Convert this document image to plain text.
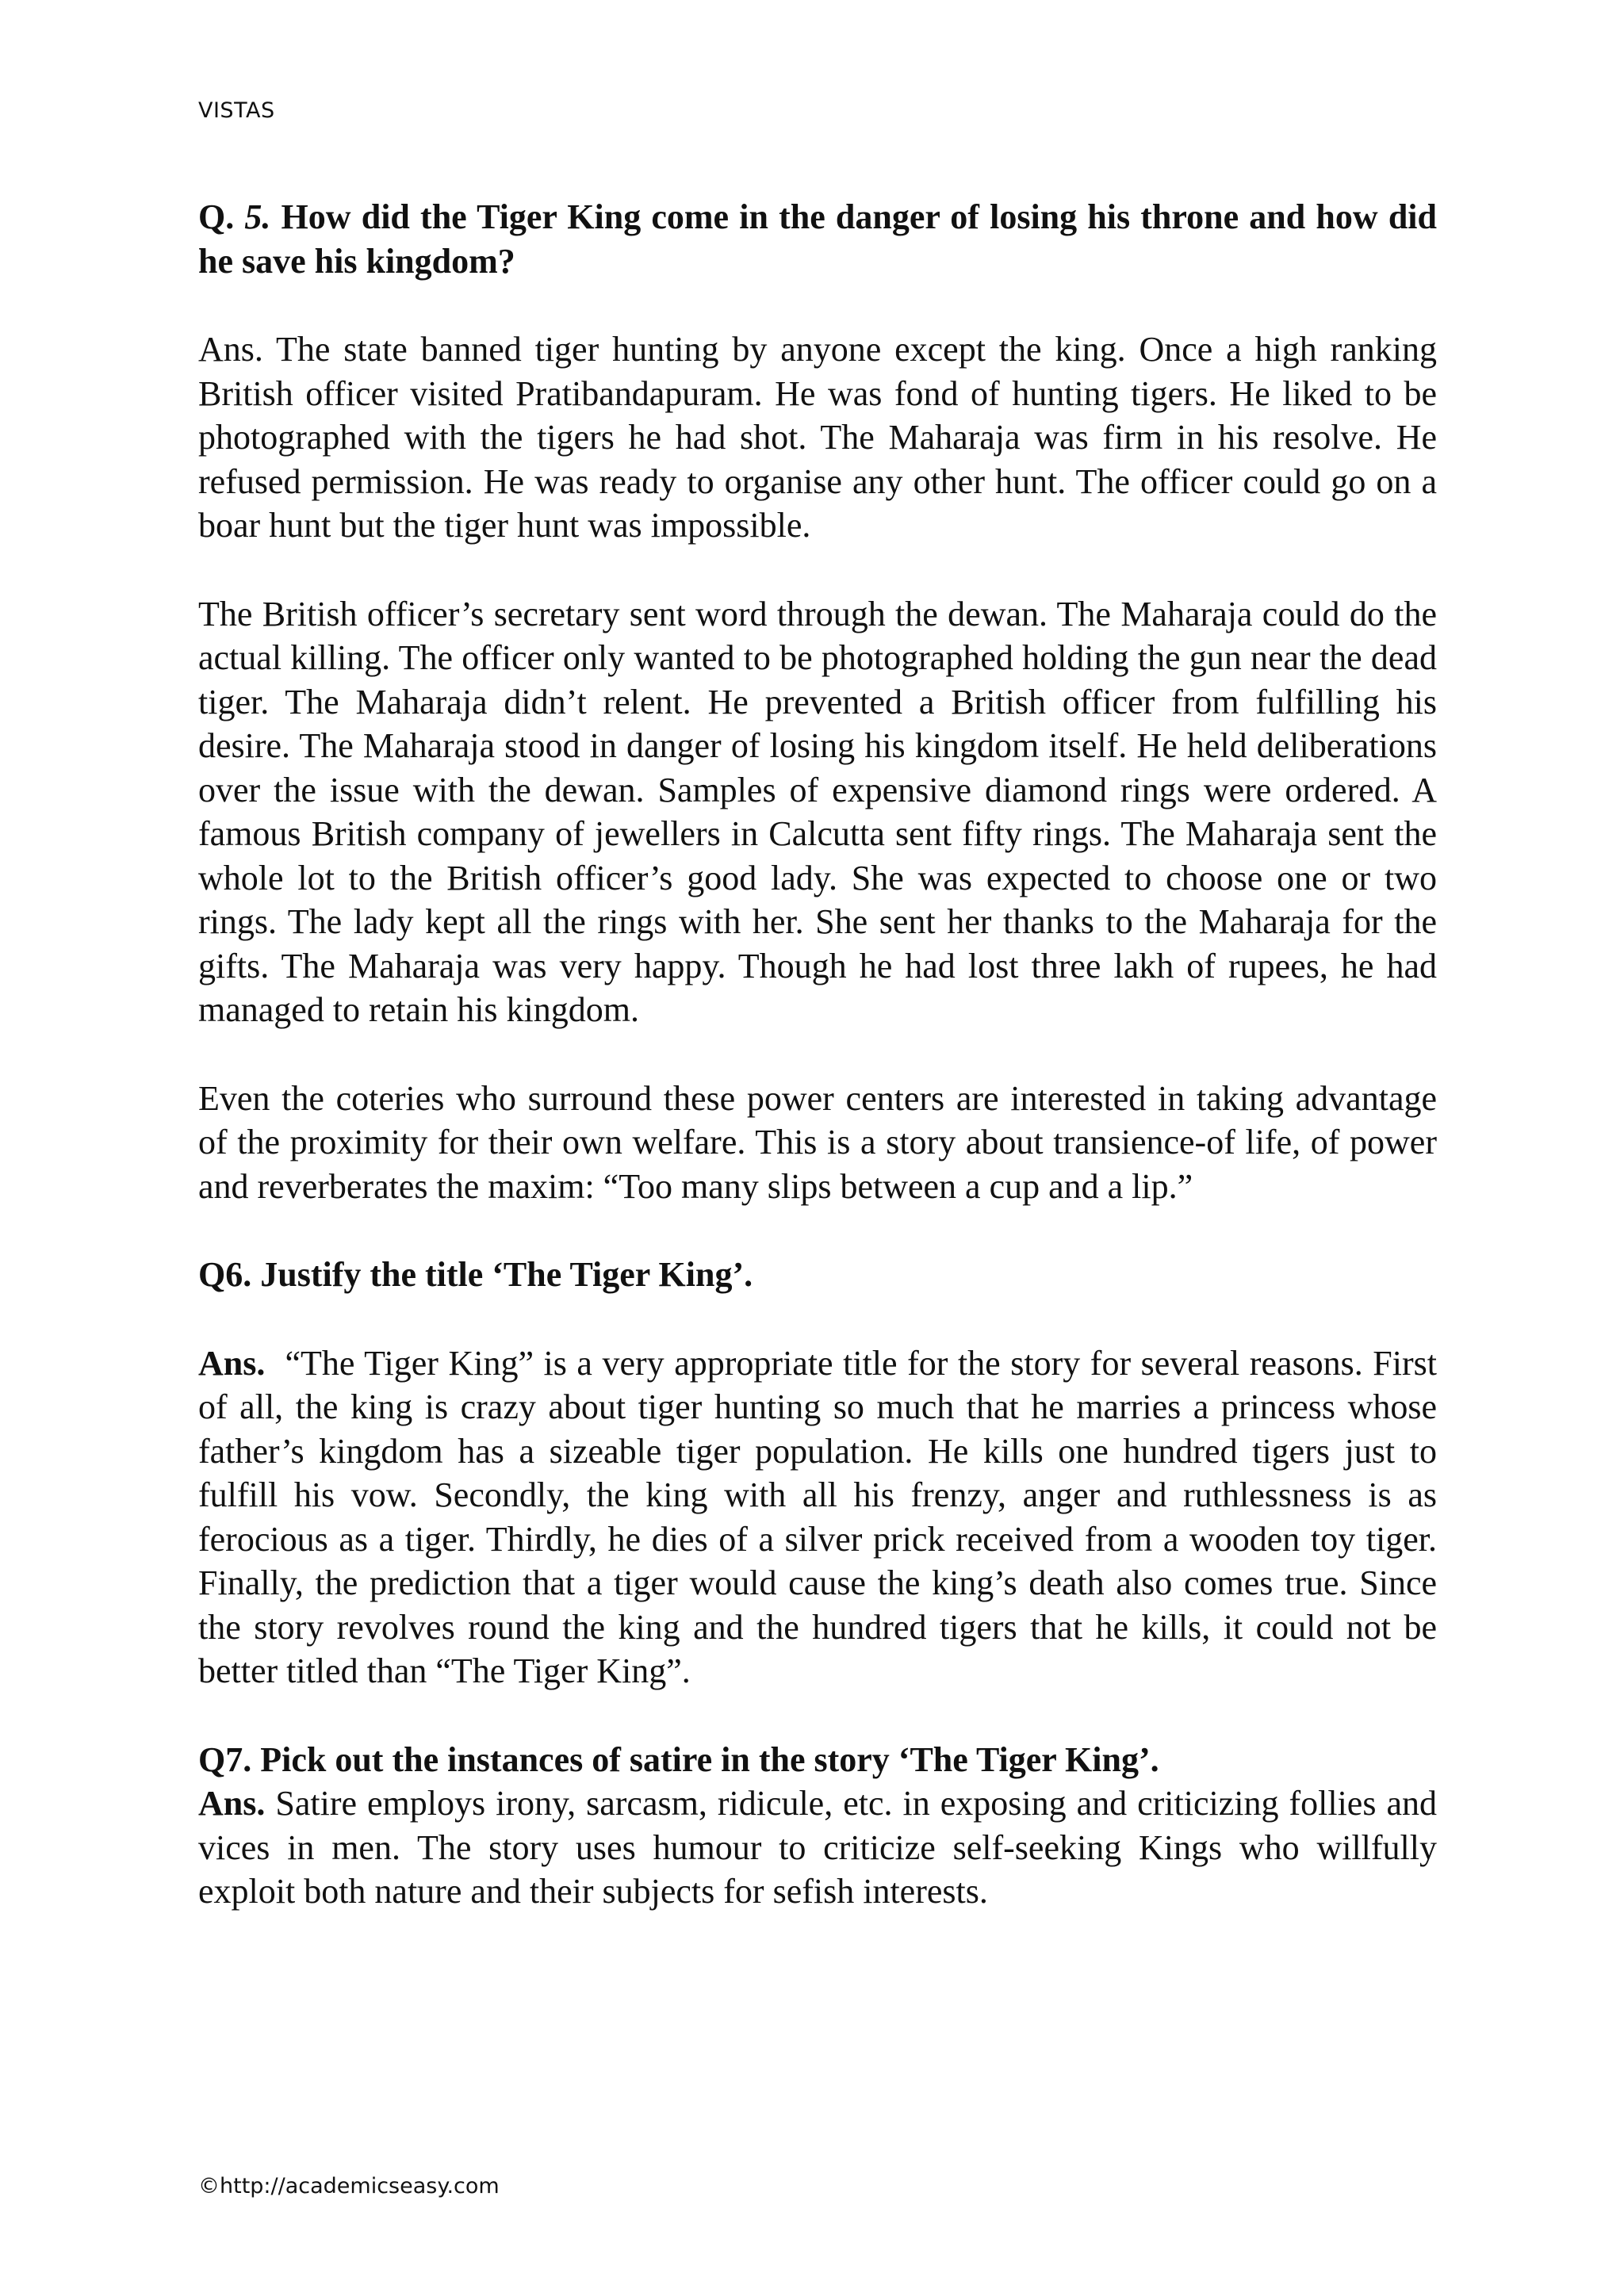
VISTAS

Q. 5. How did the Tiger King come in the danger of losing his throne and how did he save his kingdom?

Ans. The state banned tiger hunting by anyone except the king. Once a high ranking British officer visited Pratibandapuram. He was fond of hunting tigers. He liked to be photographed with the tigers he had shot. The Maharaja was firm in his resolve. He refused permission. He was ready to organise any other hunt. The officer could go on a boar hunt but the tiger hunt was impossible.

The British officer’s secretary sent word through the dewan. The Maharaja could do the actual killing. The officer only wanted to be photographed holding the gun near the dead tiger. The Maharaja didn’t relent. He prevented a British officer from fulfilling his desire. The Maharaja stood in danger of losing his kingdom itself. He held deliberations over the issue with the dewan. Samples of expensive diamond rings were ordered. A famous British company of jewellers in Calcutta sent fifty rings. The Maharaja sent the whole lot to the British officer’s good lady. She was expected to choose one or two rings. The lady kept all the rings with her. She sent her thanks to the Maharaja for the gifts. The Maharaja was very happy. Though he had lost three lakh of rupees, he had managed to retain his kingdom.

Even the coteries who surround these power centers are interested in taking advantage of the proximity for their own welfare. This is a story about transience-of life, of power and reverberates the maxim: “Too many slips between a cup and a lip.”

Q6. Justify the title ‘The Tiger King’.

Ans.  “The Tiger King” is a very appropriate title for the story for several reasons. First of all, the king is crazy about tiger hunting so much that he marries a princess whose father’s kingdom has a sizeable tiger population. He kills one hundred tigers just to fulfill his vow. Secondly, the king with all his frenzy, anger and ruthlessness is as ferocious as a tiger. Thirdly, he dies of a silver prick received from a wooden toy tiger. Finally, the prediction that a tiger would cause the king’s death also comes true. Since the story revolves round the king and the hundred tigers that he kills, it could not be better titled than “The Tiger King”.

Q7. Pick out the instances of satire in the story ‘The Tiger King’.

Ans. Satire employs irony, sarcasm, ridicule, etc. in exposing and criticizing follies and vices in men. The story uses humour to criticize self-seeking Kings who willfully exploit both nature and their subjects for sefish interests.

©http://academicseasy.com
